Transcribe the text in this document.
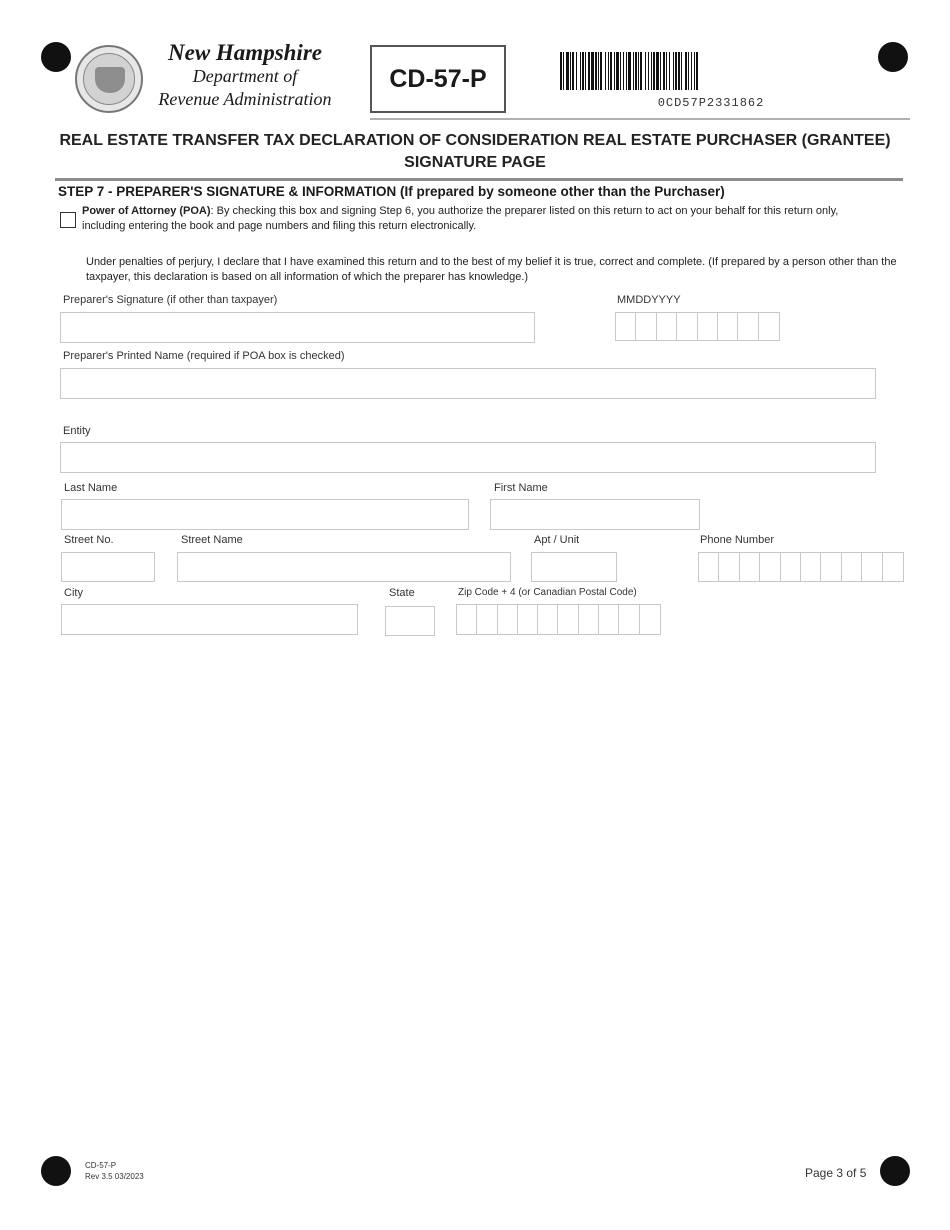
New Hampshire
Department of
Revenue Administration
CD-57-P
0CD57P2331862
REAL ESTATE TRANSFER TAX DECLARATION OF CONSIDERATION REAL ESTATE PURCHASER (GRANTEE)
SIGNATURE PAGE
STEP 7 - PREPARER'S SIGNATURE & INFORMATION (If prepared by someone other than the Purchaser)
Power of Attorney (POA): By checking this box and signing Step 6, you authorize the preparer listed on this return to act on your behalf for this return only, including entering the book and page numbers and filing this return electronically.
Under penalties of perjury, I declare that I have examined this return and to the best of my belief it is true, correct and complete. (If prepared by a person other than the taxpayer, this declaration is based on all information of which the preparer has knowledge.)
Preparer's Signature (if other than taxpayer)	MMDDYYYY
Preparer's Printed Name (required if POA box is checked)
Entity
Last Name	First Name
Street No.	Street Name	Apt / Unit	Phone Number
City	State	Zip Code + 4 (or Canadian Postal Code)
CD-57-P
Rev 3.5 03/2023	Page 3 of 5
